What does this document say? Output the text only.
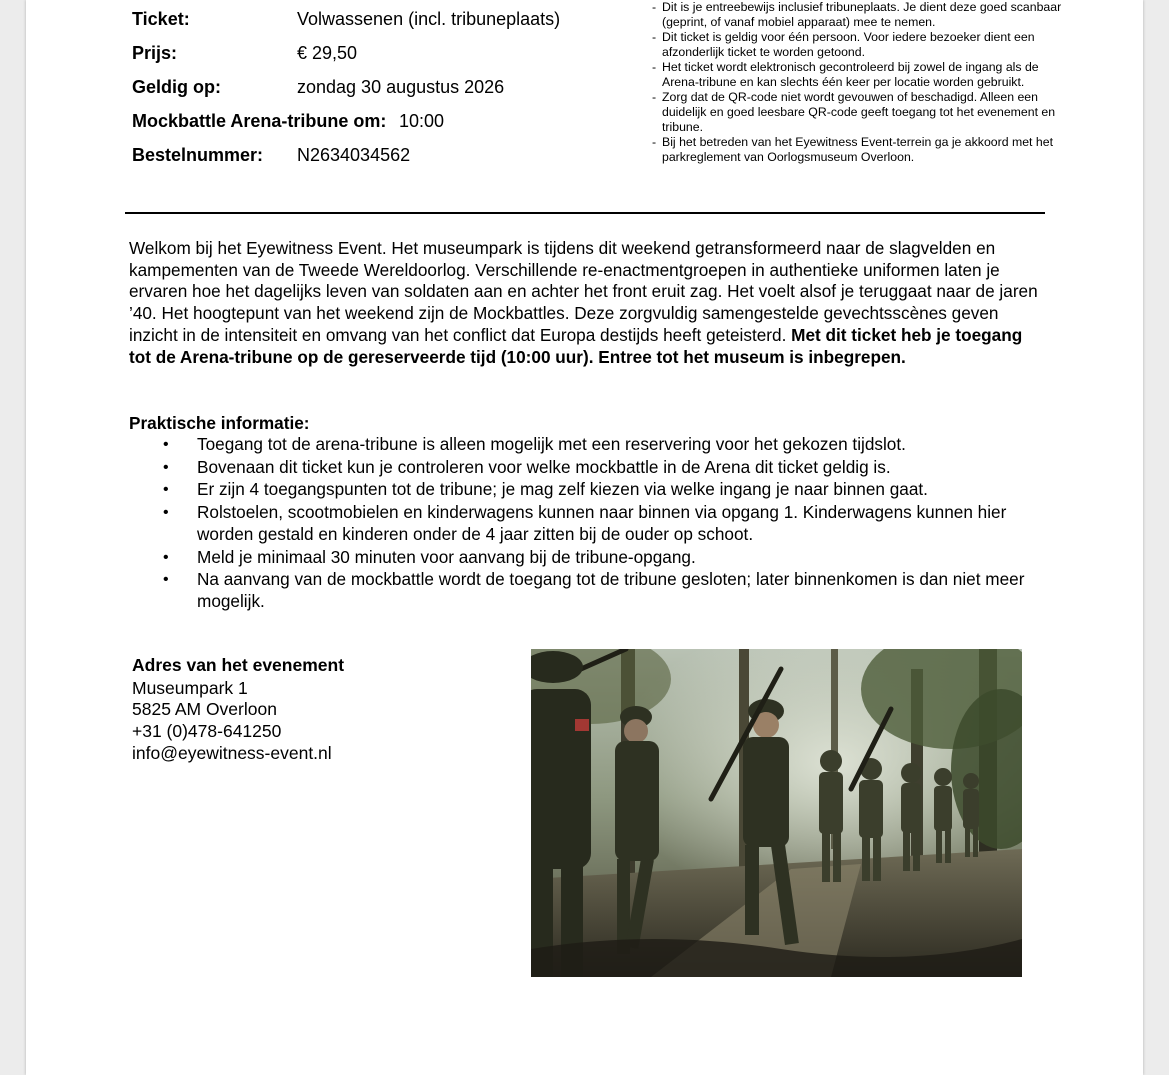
Ticket:	Volwassenen (incl. tribuneplaats)
Prijs:	€ 29,50
Geldig op:	zondag 30 augustus 2026
Mockbattle Arena-tribune om: 10:00
Bestelnummer: N2634034562
- Dit is je entreebewijs inclusief tribuneplaats. Je dient deze goed scanbaar (geprint, of vanaf mobiel apparaat) mee te nemen.
- Dit ticket is geldig voor één persoon. Voor iedere bezoeker dient een afzonderlijk ticket te worden getoond.
- Het ticket wordt elektronisch gecontroleerd bij zowel de ingang als de Arena-tribune en kan slechts één keer per locatie worden gebruikt.
- Zorg dat de QR-code niet wordt gevouwen of beschadigd. Alleen een duidelijk en goed leesbare QR-code geeft toegang tot het evenement en tribune.
- Bij het betreden van het Eyewitness Event-terrein ga je akkoord met het parkreglement van Oorlogsmuseum Overloon.

Welkom bij het Eyewitness Event. Het museumpark is tijdens dit weekend getransformeerd naar de slagvelden en kampementen van de Tweede Wereldoorlog. Verschillende re-enactmentgroepen in authentieke uniformen laten je ervaren hoe het dagelijks leven van soldaten aan en achter het front eruit zag. Het voelt alsof je teruggaat naar de jaren ’40. Het hoogtepunt van het weekend zijn de Mockbattles. Deze zorgvuldig samengestelde gevechtsscènes geven inzicht in de intensiteit en omvang van het conflict dat Europa destijds heeft geteisterd. Met dit ticket heb je toegang tot de Arena-tribune op de gereserveerde tijd (10:00 uur). Entree tot het museum is inbegrepen.

Praktische informatie:

• Toegang tot de arena-tribune is alleen mogelijk met een reservering voor het gekozen tijdslot.
• Bovenaan dit ticket kun je controleren voor welke mockbattle in de Arena dit ticket geldig is.
• Er zijn 4 toegangspunten tot de tribune; je mag zelf kiezen via welke ingang je naar binnen gaat.
• Rolstoelen, scootmobielen en kinderwagens kunnen naar binnen via opgang 1. Kinderwagens kunnen hier worden gestald en kinderen onder de 4 jaar zitten bij de ouder op schoot.
• Meld je minimaal 30 minuten voor aanvang bij de tribune-opgang.
• Na aanvang van de mockbattle wordt de toegang tot de tribune gesloten; later binnenkomen is dan niet meer mogelijk.
Adres van het evenement
Museumpark 1
5825 AM Overloon
+31 (0)478-641250
info@eyewitness-event.nl
